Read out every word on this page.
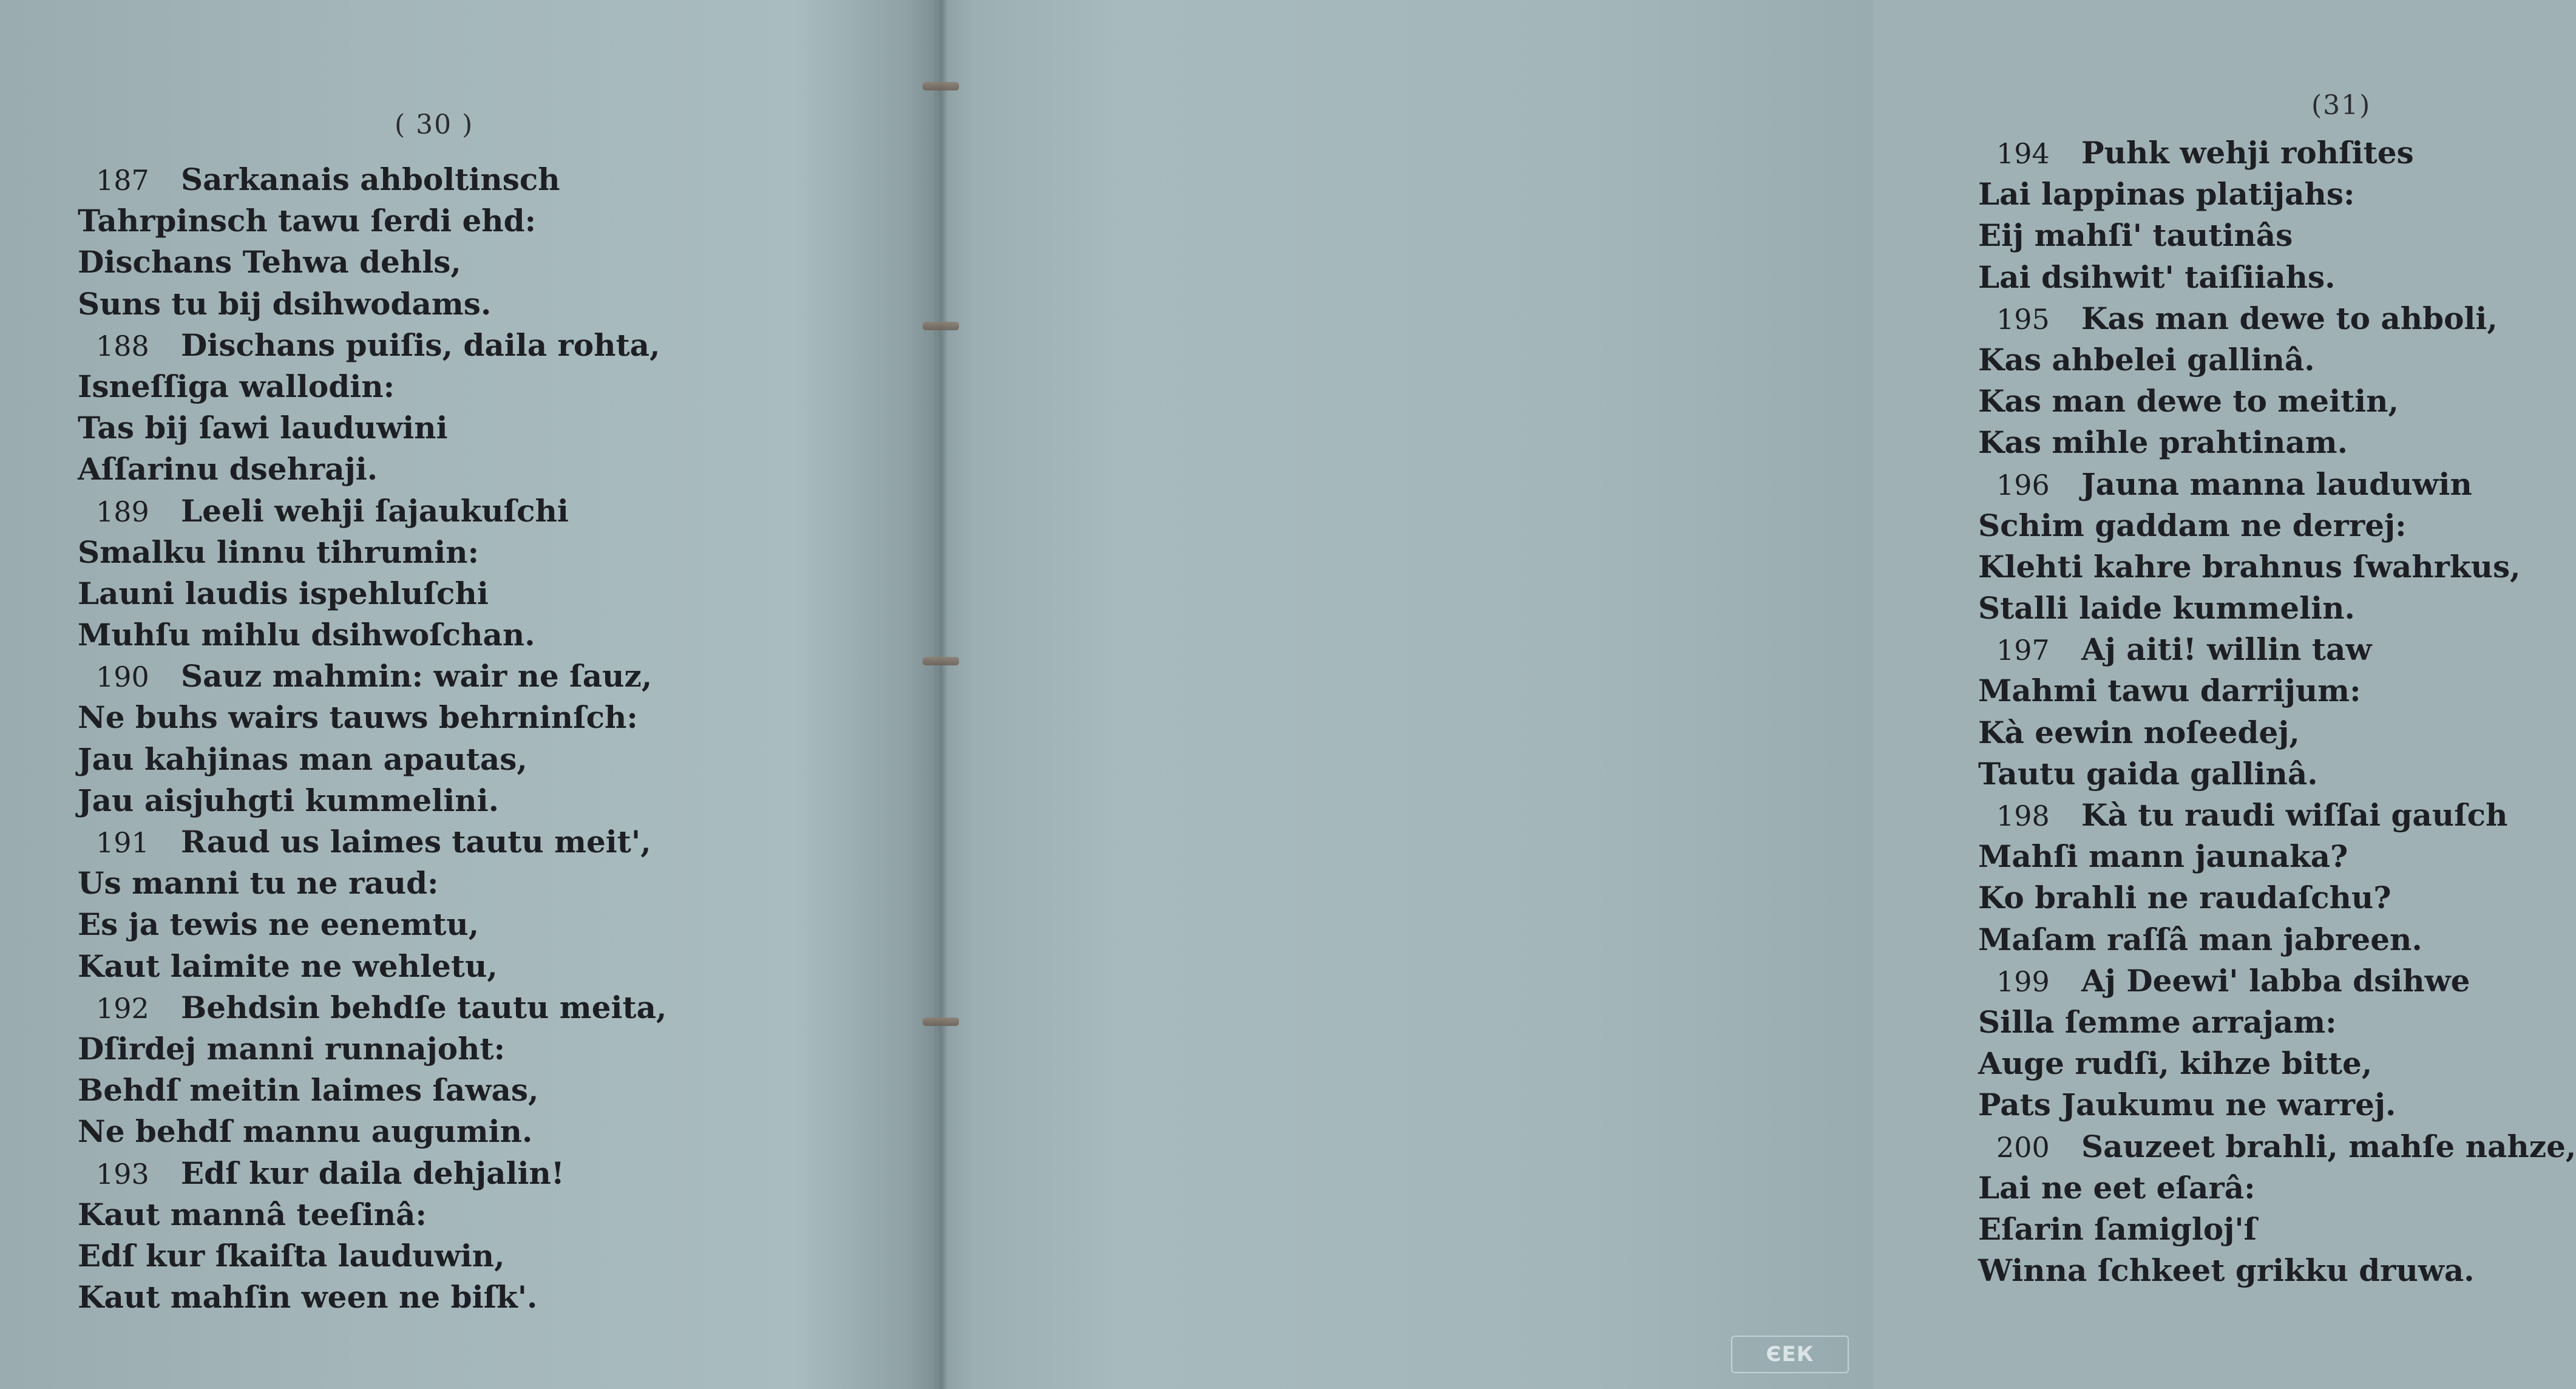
( 30 )
187 Sarkanais ahboltinsch
Tahrpinsch tawu ſerdi ehd:
Dischans Tehwa dehls,
Suns tu bij dsihwodams.
188 Dischans puiſis, daila rohta,
Isneſſiga wallodin:
Tas bij ſawi lauduwini
Aſſarinu dsehraji.
189 Leeli wehji ſajaukuſchi
Smalku linnu tihrumin:
Launi laudis ispehluſchi
Muhſu mihlu dsihwoſchan.
190 Sauz mahmin: wair ne ſauz,
Ne buhs wairs tauws behrninſch:
Jau kahjinas man apautas,
Jau aisjuhgti kummelini.
191 Raud us laimes tautu meit',
Us manni tu ne raud:
Es ja tewis ne eenemtu,
Kaut laimite ne wehletu,
192 Behdsin behdſe tautu meita,
Dſirdej manni runnajoht:
Behdſ meitin laimes ſawas,
Ne behdſ mannu augumin.
193 Edſ kur daila dehjalin!
Kaut mannâ teeſinâ:
Edſ kur ſkaiſta lauduwin,
Kaut mahſin ween ne biſk'.
(31)
194 Puhk wehji rohſites
Lai lappinas platijahs:
Eij mahſi' tautinâs
Lai dsihwit' taiſiiahs.
195 Kas man dewe to ahboli,
Kas ahbelei gallinâ.
Kas man dewe to meitin,
Kas mihle prahtinam.
196 Jauna manna lauduwin
Schim gaddam ne derrej:
Klehti kahre brahnus ſwahrkus,
Stalli laide kummelin.
197 Aj aiti! willin taw
Mahmi tawu darrijum:
Kà eewin noſeedej,
Tautu gaida gallinâ.
198 Kà tu raudi wiſſai gauſch
Mahſi mann jaunaka?
Ko brahli ne raudaſchu?
Maſam raſſâ man jabreen.
199 Aj Deewi' labba dsihwe
Silla ſemme arrajam:
Auge rudſi, kihze bitte,
Pats Jaukumu ne warrej.
200 Sauzeet brahli, mahſe nahze,
Lai ne eet eſarâ:
Eſarin ſamigloj'ſ
Winna ſchkeet grikku druwa.
ЄЕК
